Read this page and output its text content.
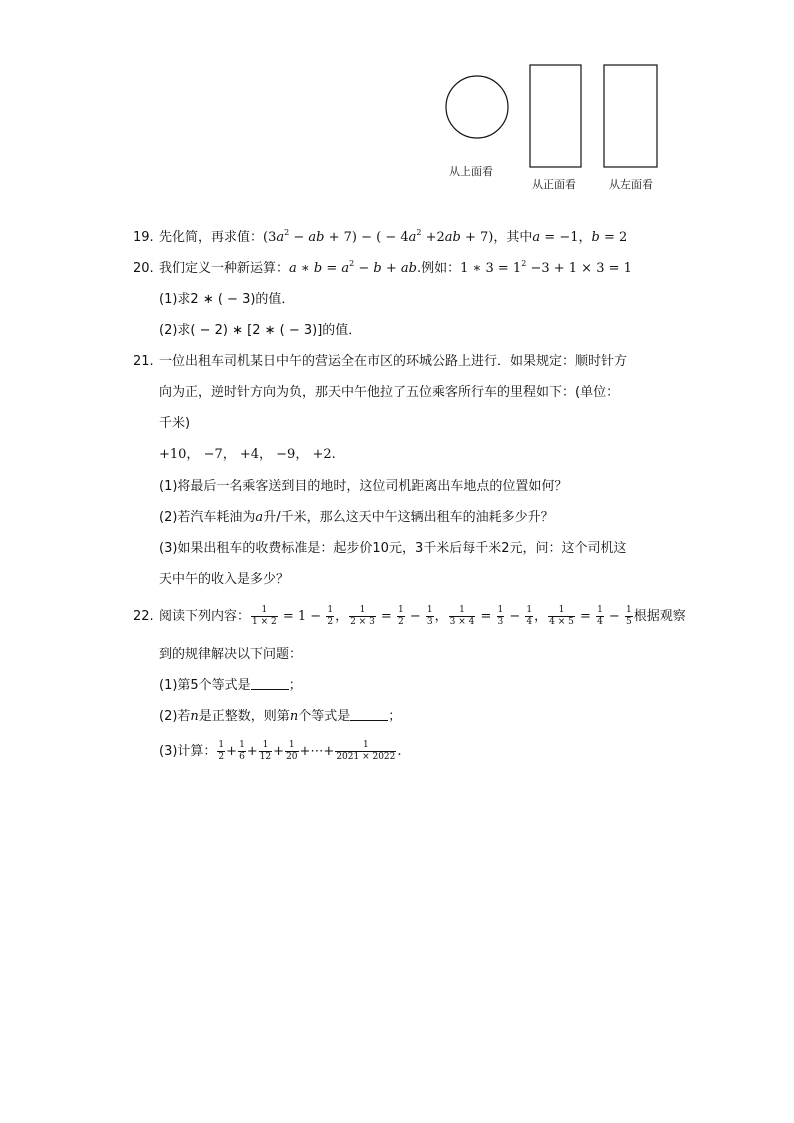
从上面看
从正面看	从左面看
19. 先化简，再求值：($3a^2$ − ab + 7) − ( − $4a^2 +2ab + 7$)，其中a = −1，b = 2
20. 我们定义一种新运算：a ∗ $b = a^2 - b$ + ab.例如：1 ∗ $3 = 1^2 -3 + 1 \times 3 = 1$
(1)求2 ∗ ( − 3)的值．
(2)求( − 2) ∗ [2 ∗ ( − 3)]的值．
21. 一位出租车司机某日中午的营运全在市区的环城公路上进行．如果规定：顺时针方
向为正，逆时针方向为负，那天中午他拉了五位乘客所行车的里程如下：(单位：
千米)
+10， −7， +4， −9， +2.
(1)将最后一名乘客送到目的地时，这位司机距离出车地点的位置如何？
(2)若汽车耗油为a升/千米，那么这天中午这辆出租车的油耗多少升？
(3)如果出租车的收费标准是：起步价10元，3千米后每千米2元，问：这个司机这
天中午的收入是多少？
22. 阅读下列内容： $\frac{1}{1 \times 2} = 1 - \frac{1}{2}$ ， $\frac{1}{2 \times 3} = \frac{1}{2} - \frac{1}{3}$ ， $\frac{1}{3 \times 4} = \frac{1}{3} - \frac{1}{4}$ ， $\frac{1}{4 \times 5} = \frac{1}{4} - \frac{1}{5}$ 根据观察
到的规律解决以下问题：
(1)第5个等式是	；
(2)若n是正整数，则第n个等式是	；
(3)计算： $\frac{1}{2} + \frac{1}{6} + \frac{1}{12} + \frac{1}{20}$ +⋯+ $\frac{1}{2021 \times 2022}$ .
